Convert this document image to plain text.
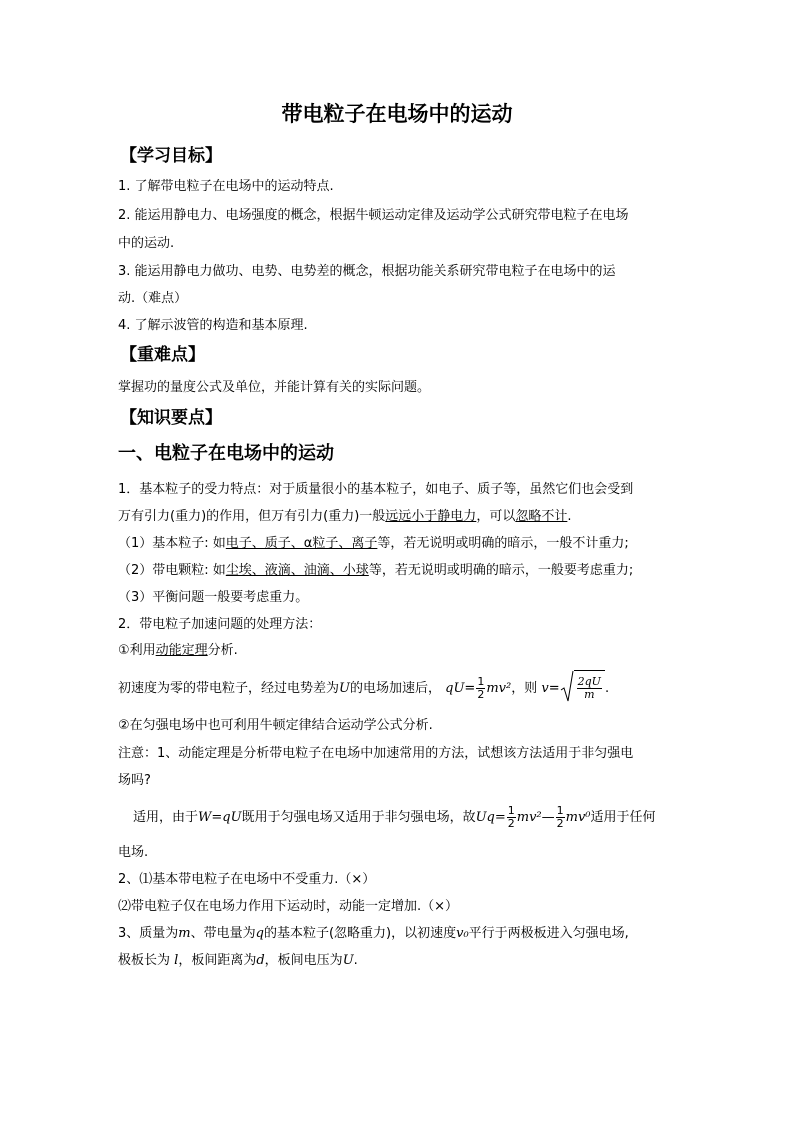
带电粒子在电场中的运动
【学习目标】
1. 了解带电粒子在电场中的运动特点.
2. 能运用静电力、电场强度的概念，根据牛顿运动定律及运动学公式研究带电粒子在电场
中的运动.
3. 能运用静电力做功、电势、电势差的概念，根据功能关系研究带电粒子在电场中的运
动.（难点）
4. 了解示波管的构造和基本原理.
【重难点】
掌握功的量度公式及单位，并能计算有关的实际问题。
【知识要点】
一、电粒子在电场中的运动
1．基本粒子的受力特点：对于质量很小的基本粒子，如电子、质子等，虽然它们也会受到
万有引力(重力)的作用，但万有引力(重力)一般远远小于静电力，可以忽略不计.
（1）基本粒子: 如电子、质子、α粒子、离子等，若无说明或明确的暗示，一般不计重力;
（2）带电颗粒: 如尘埃、液滴、油滴、小球等，若无说明或明确的暗示，一般要考虑重力;
（3）平衡问题一般要考虑重力。
2．带电粒子加速问题的处理方法：
①利用动能定理分析.
初速度为零的带电粒子，经过电势差为U的电场加速后， $qU= \frac{1}{2} mv^2$，则 $v= \frac{2qU}{m}$ .
②在匀强电场中也可利用牛顿定律结合运动学公式分析.
注意：1、动能定理是分析带电粒子在电场中加速常用的方法，试想该方法适用于非匀强电
场吗?
适用，由于W=qU既用于匀强电场又适用于非匀强电场，故$Uq= \frac{1}{2}$ mv²— $\frac{1}{2} mv^0$适用于任何
电场.
2、⑴基本带电粒子在电场中不受重力.（×）
⑵带电粒子仅在电场力作用下运动时，动能一定增加.（×）
3、质量为m、带电量为q的基本粒子(忽略重力)，以初速度v₀平行于两极板进入匀强电场,
极板长为 l，板间距离为d，板间电压为U.
